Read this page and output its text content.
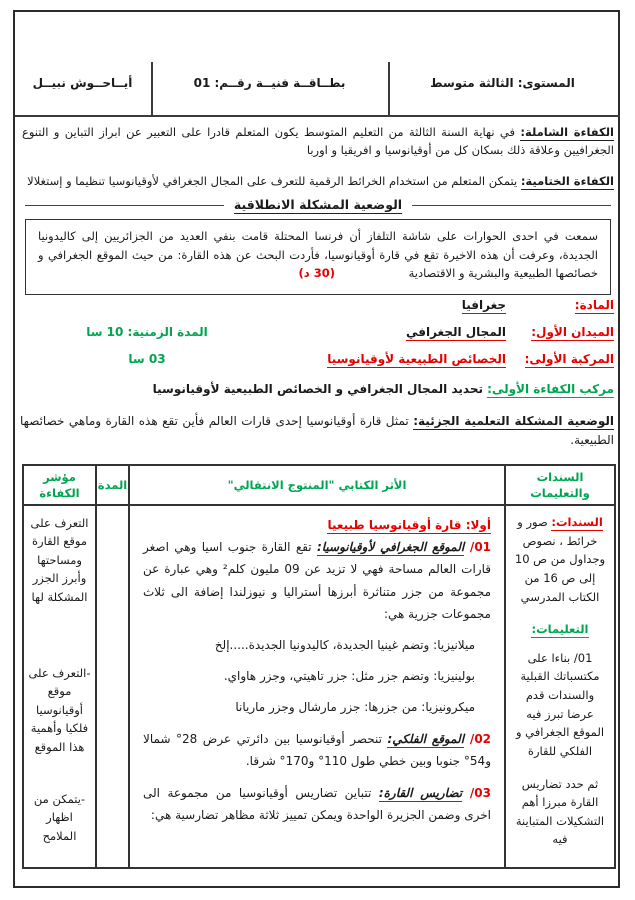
المستوى: الثالثة متوسط
بطــاقــة فنيــة رقــم: 01
أيــاحــوش نبيــل
الكفاءة الشاملة: في نهاية السنة الثالثة من التعليم المتوسط يكون المتعلم قادرا على التعبير عن ابراز التباين و التنوع الجغرافيين وعلاقة ذلك بسكان كل من أوقيانوسيا و افريقيا و اوربا
الكفاءة الختامية: يتمكن المتعلم من استخدام الخرائط الرقمية للتعرف على المجال الجغرافي لأوقيانوسيا تنظيما و إستغلالا
الوضعية المشكلة الانطلاقية
سمعت في احدى الحوارات على شاشة التلفاز أن فرنسا المحتلة قامت بنفي العديد من الجزائريين إلى كاليدونيا الجديدة، وعرفت أن هذه الاخيرة تقع في قارة أوقيانوسيا، فأردت البحث عن هذه القارة: من حيث الموقع الجغرافي و خصائصها الطبيعية والبشرية و الاقتصادية (30 د)
المادة:
جغرافيا
الميدان الأول:
المجال الجغرافي
المدة الزمنية: 10 سا
المركبة الأولى:
الخصائص الطبيعية لأوقيانوسيا
03 سا
مركب الكفاءة الأولى: تحديد المجال الجغرافي و الخصائص الطبيعية لأوقيانوسيا
الوضعية المشكلة التعلمية الجزئية: تمثل قارة أوقيانوسيا إحدى قارات العالم فأين تقع هذه القارة وماهي خصائصها الطبيعية.
السندات والتعليمات
الأثر الكتابي "المنتوج الانتقالي"
المدة
مؤشر الكفاءة
السندات: صور و خرائط ، نصوص وجداول من ص 10 إلى ص 16 من الكتاب المدرسي
التعليمات:
01/ بناءا على مكتسباتك القبلية والسندات قدم عرضا تبرز فيه الموقع الجغرافي و الفلكي للقارة
ثم حدد تضاريس القارة مبرزا أهم التشكيلات المتباينة فيه
أولا: قارة أوقيانوسيا طبيعيا
01/ الموقع الجغرافي لأوقيانوسيا: تقع القارة جنوب اسيا وهي اصغر قارات العالم مساحة فهي لا تزيد عن 09 مليون كلم² وهي عبارة عن مجموعة من جزر متناثرة أبرزها أستراليا و نيوزلندا إضافة الى ثلاث مجموعات جزرية هي:
ميلانيزيا: وتضم غينيا الجديدة، كاليدونيا الجديدة.....إلخ
بولينيزيا: وتضم جزر مثل: جزر تاهيتي، وجزر هاواي.
ميكرونيزيا: من جزرها: جزر مارشال وجزر ماريانا
02/ الموقع الفلكي: تنحصر أوقيانوسيا بين دائرتي عرض 28° شمالا و54° جنوبا وبين خطي طول 110° و170° شرقا.
03/ تضاريس القارة: تتباين تضاريس أوقيانوسيا من مجموعة الى اخرى وضمن الجزيرة الواحدة ويمكن تمييز ثلاثة مظاهر تضارسية هي:
التعرف على موقع القارة ومساحتها وأبرز الجزر المشكلة لها
-التعرف على موقع أوقيانوسيا فلكيا وأهمية هذا الموقع
-يتمكن من اظهار الملامح
